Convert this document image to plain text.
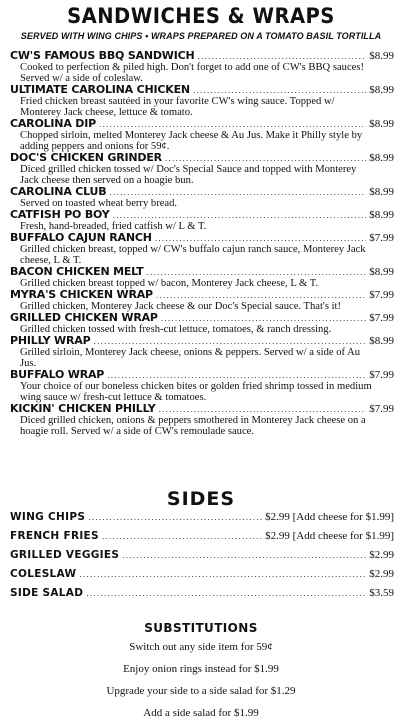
SANDWICHES & WRAPS
SERVED WITH WING CHIPS • WRAPS PREPARED ON A TOMATO BASIL TORTILLA
CW'S FAMOUS BBQ SANDWICH .....	$8.99
Cooked to perfection & piled high. Don't forget to add one of CW's BBQ sauces! Served w/ a side of coleslaw.
ULTIMATE CAROLINA CHICKEN .....	$8.99
Fried chicken breast sautéed in your favorite CW's wing sauce. Topped w/ Monterey Jack cheese, lettuce & tomato.
CAROLINA DIP .....	$8.99
Chopped sirloin, melted Monterey Jack cheese & Au Jus. Make it Philly style by adding peppers and onions for 59¢.
DOC'S CHICKEN GRINDER .....	$8.99
Diced grilled chicken tossed w/ Doc's Special Sauce and topped with Monterey Jack cheese then served on a hoagie bun.
CAROLINA CLUB .....	$8.99
Served on toasted wheat berry bread.
CATFISH PO BOY .....	$8.99
Fresh, hand-breaded, fried catfish w/ L & T.
BUFFALO CAJUN RANCH .....	$7.99
Grilled chicken breast, topped w/ CW's buffalo cajun ranch sauce, Monterey Jack cheese, L & T.
BACON CHICKEN MELT .....	$8.99
Grilled chicken breast topped w/ bacon, Monterey Jack cheese, L & T.
MYRA'S CHICKEN WRAP .....	$7.99
Grilled chicken, Monterey Jack cheese & our Doc's Special sauce. That's it!
GRILLED CHICKEN WRAP .....	$7.99
Grilled chicken tossed with fresh-cut lettuce, tomatoes, & ranch dressing.
PHILLY WRAP .....	$8.99
Grilled sirloin, Monterey Jack cheese, onions & peppers. Served w/ a side of Au Jus.
BUFFALO WRAP .....	$7.99
Your choice of our boneless chicken bites or golden fried shrimp tossed in medium wing sauce w/ fresh-cut lettuce & tomatoes.
KICKIN' CHICKEN PHILLY .....	$7.99
Diced grilled chicken, onions & peppers smothered in Monterey Jack cheese on a hoagie roll. Served w/ a side of CW's remoulade sauce.
SIDES
WING CHIPS .....	$2.99 [Add cheese for $1.99]
FRENCH FRIES .....	$2.99 [Add cheese for $1.99]
GRILLED VEGGIES .....	$2.99
COLESLAW .....	$2.99
SIDE SALAD .....	$3.59
SUBSTITUTIONS
Switch out any side item for 59¢
Enjoy onion rings instead for $1.99
Upgrade your side to a side salad for $1.29
Add a side salad for $1.99
